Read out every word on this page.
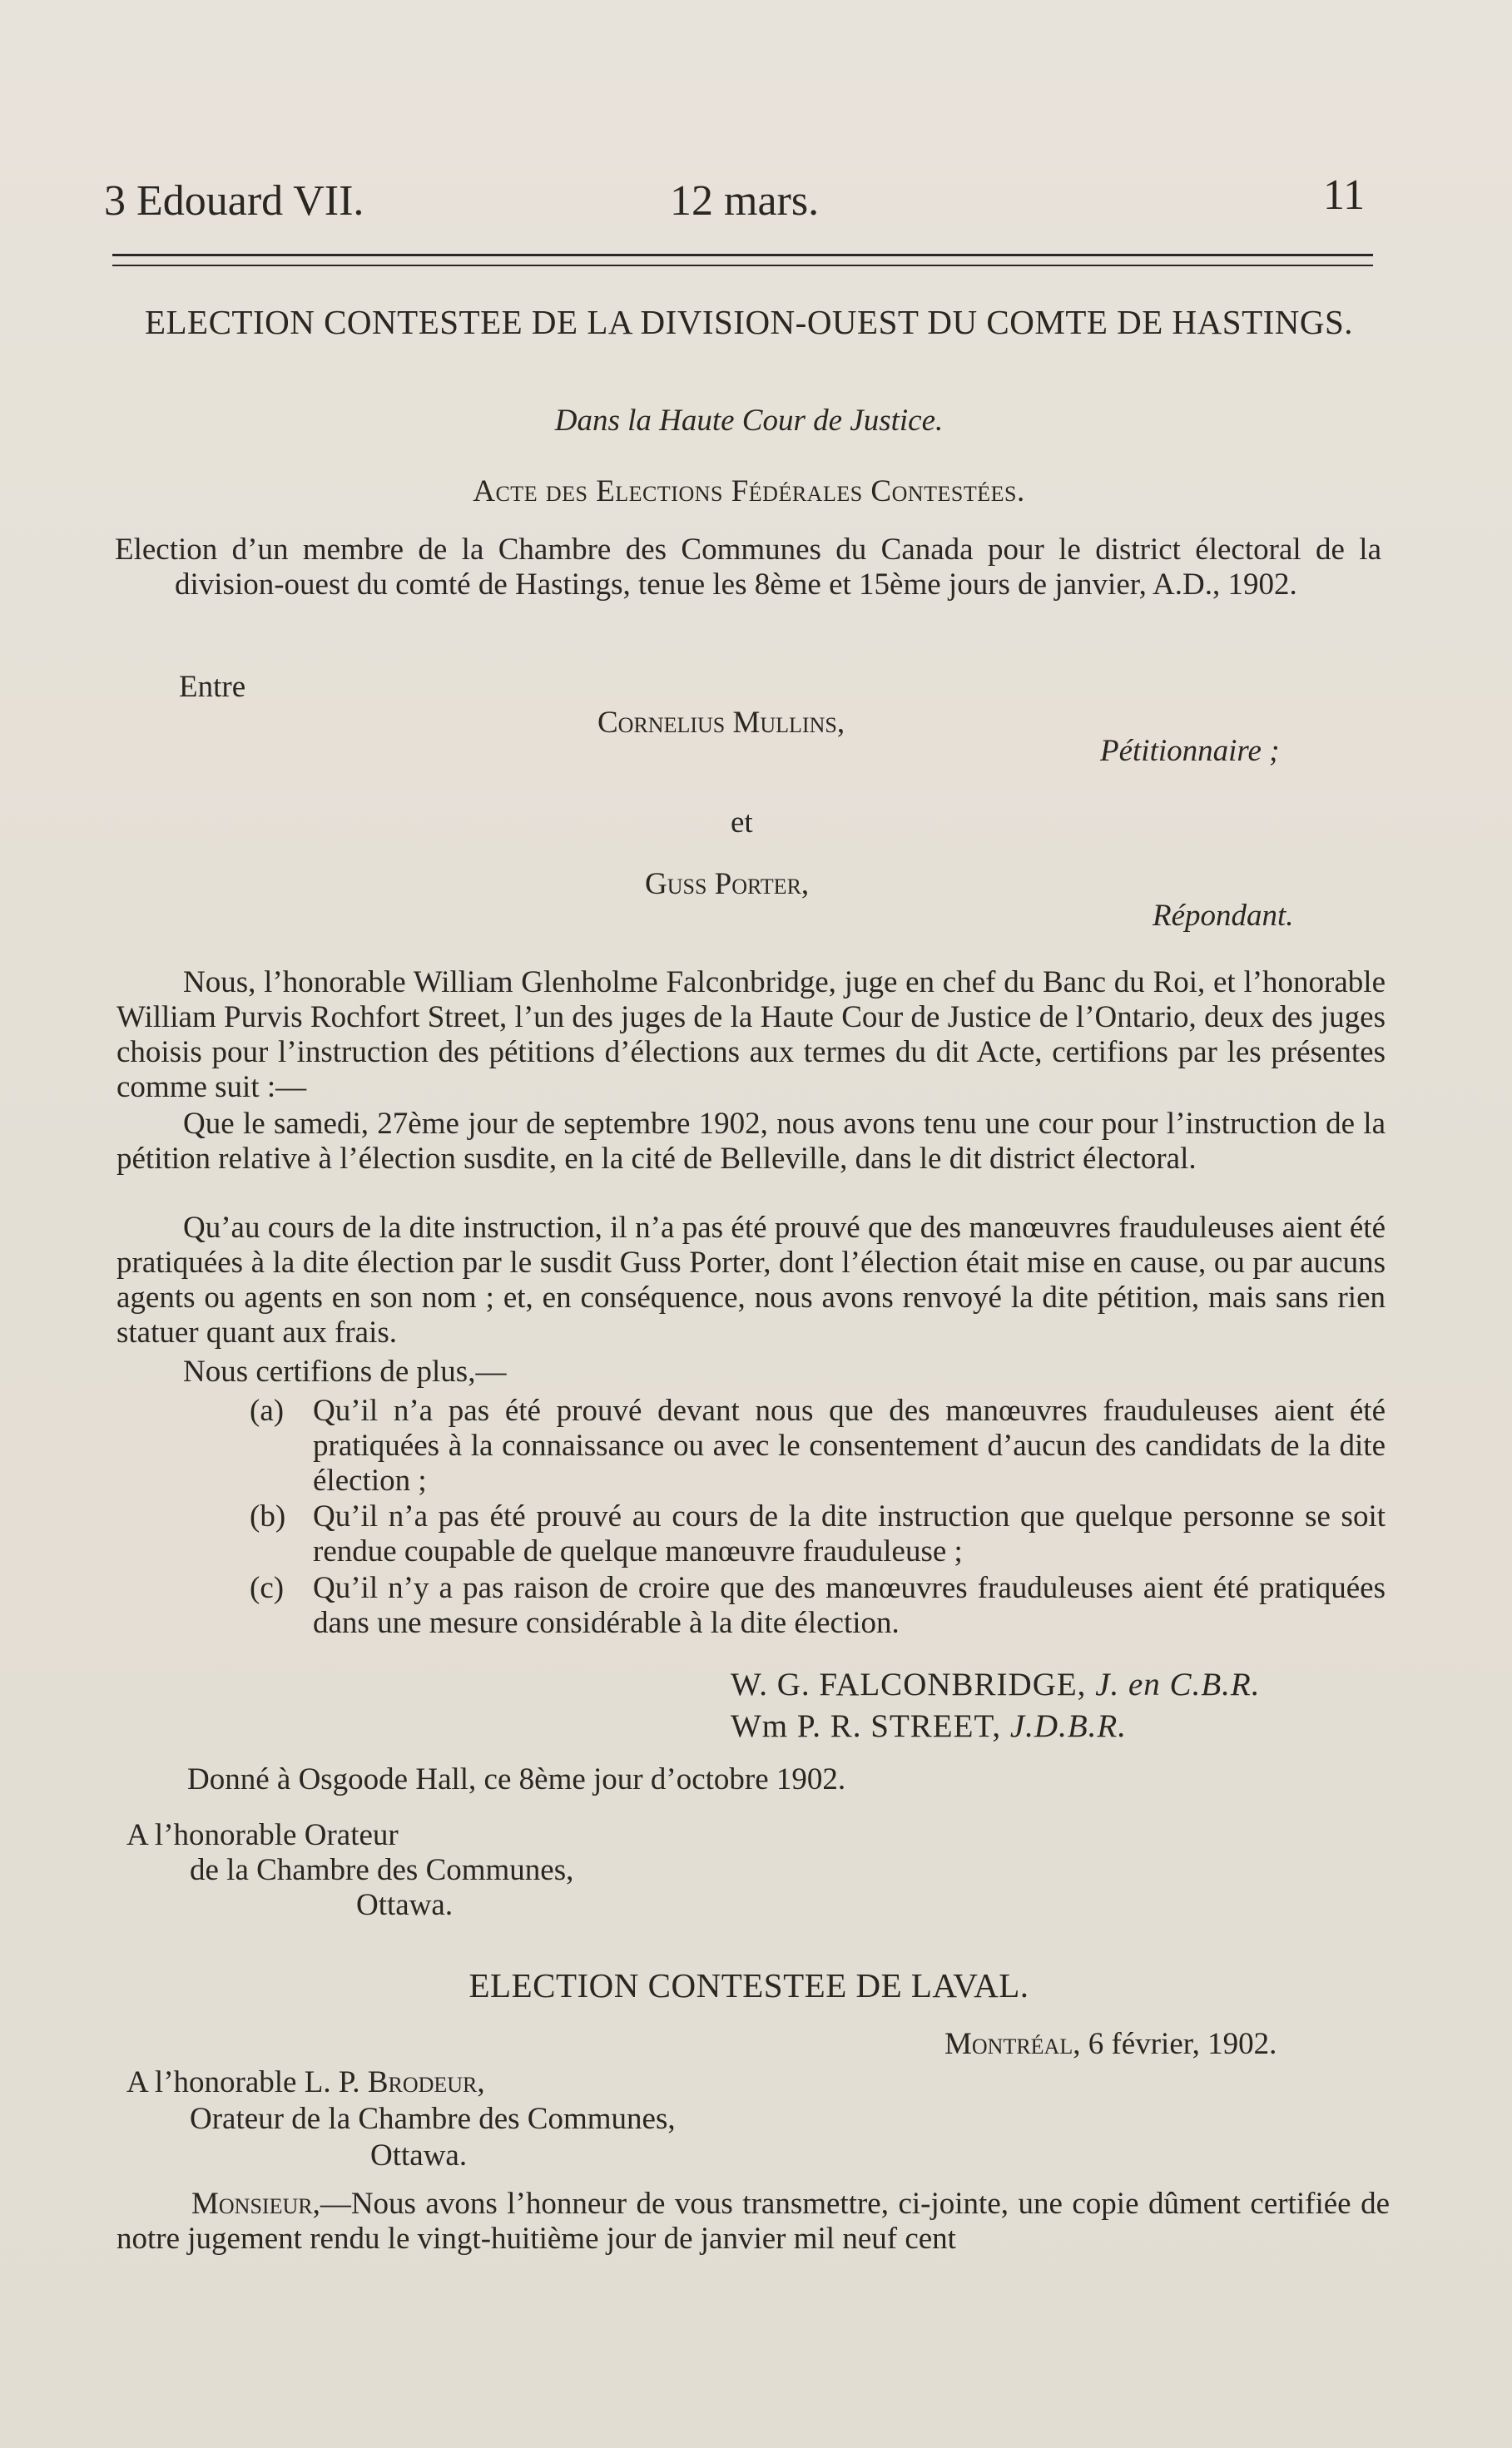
3 Edouard VII.	12 mars.	11
ELECTION CONTESTEE DE LA DIVISION-OUEST DU COMTE DE HASTINGS.
Dans la Haute Cour de Justice.
Acte des Elections Fédérales Contestées.
Election d’un membre de la Chambre des Communes du Canada pour le district électoral de la division-ouest du comté de Hastings, tenue les 8ème et 15ème jours de janvier, A.D., 1902.
Entre
Cornelius Mullins,
Pétitionnaire ;
et
Guss Porter,
Répondant.
Nous, l’honorable William Glenholme Falconbridge, juge en chef du Banc du Roi, et l’honorable William Purvis Rochfort Street, l’un des juges de la Haute Cour de Justice de l’Ontario, deux des juges choisis pour l’instruction des pétitions d’élections aux termes du dit Acte, certifions par les présentes comme suit :—
Que le samedi, 27ème jour de septembre 1902, nous avons tenu une cour pour l’instruction de la pétition relative à l’élection susdite, en la cité de Belleville, dans le dit district électoral.
Qu’au cours de la dite instruction, il n’a pas été prouvé que des manœuvres frauduleuses aient été pratiquées à la dite élection par le susdit Guss Porter, dont l’élection était mise en cause, ou par aucuns agents ou agents en son nom ; et, en conséquence, nous avons renvoyé la dite pétition, mais sans rien statuer quant aux frais.
Nous certifions de plus,—
(a) Qu’il n’a pas été prouvé devant nous que des manœuvres frauduleuses aient été pratiquées à la connaissance ou avec le consentement d’aucun des candidats de la dite élection ;
(b) Qu’il n’a pas été prouvé au cours de la dite instruction que quelque personne se soit rendue coupable de quelque manœuvre frauduleuse ;
(c) Qu’il n’y a pas raison de croire que des manœuvres frauduleuses aient été pratiquées dans une mesure considérable à la dite élection.
W. G. FALCONBRIDGE, J. en C.B.R.
Wm P. R. STREET, J.D.B.R.
Donné à Osgoode Hall, ce 8ème jour d’octobre 1902.
A l’honorable Orateur
de la Chambre des Communes,
Ottawa.
ELECTION CONTESTEE DE LAVAL.
Montréal, 6 février, 1902.
A l’honorable L. P. Brodeur,
Orateur de la Chambre des Communes,
Ottawa.
Monsieur,—Nous avons l’honneur de vous transmettre, ci-jointe, une copie dûment certifiée de notre jugement rendu le vingt-huitième jour de janvier mil neuf cent
